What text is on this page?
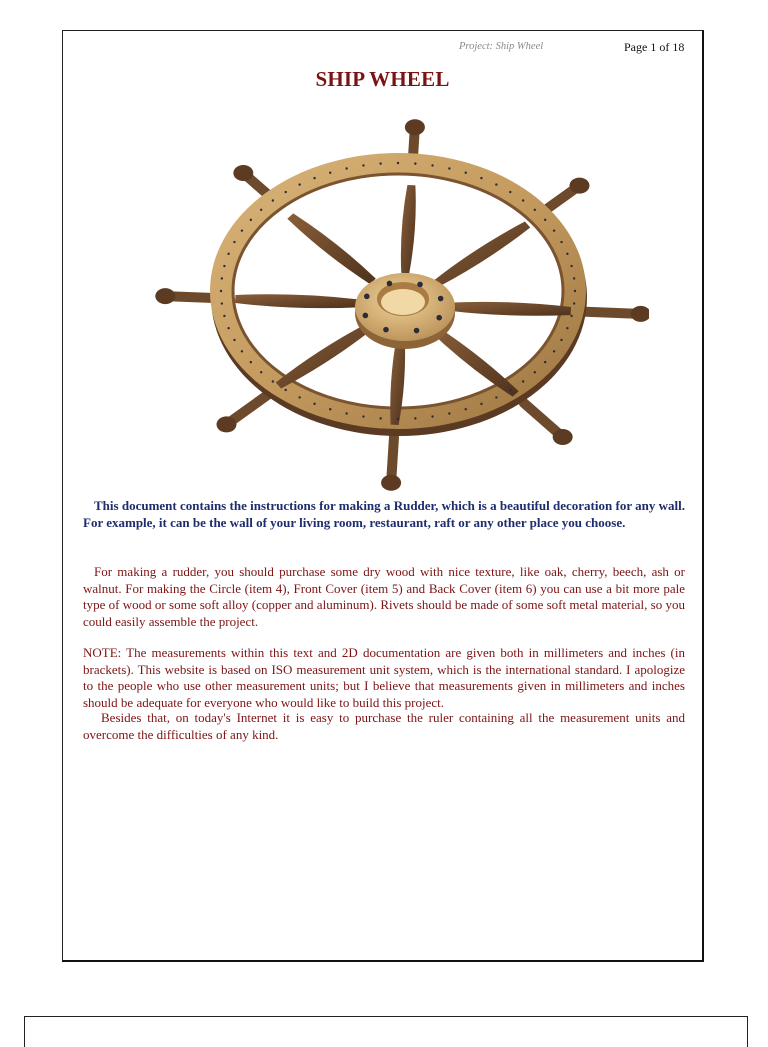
Project: Ship Wheel	Page 1 of 18
SHIP WHEEL

This document contains the instructions for making a Rudder, which is a beautiful decoration for any wall. For example, it can be the wall of your living room, restaurant, raft or any other place you choose.

For making a rudder, you should purchase some dry wood with nice texture, like oak, cherry, beech, ash or walnut. For making the Circle (item 4), Front Cover (item 5) and Back Cover (item 6) you can use a bit more pale type of wood or some soft alloy (copper and aluminum). Rivets should be made of some soft metal material, so you could easily assemble the project.

NOTE: The measurements within this text and 2D documentation are given both in millimeters and inches (in brackets). This website is based on ISO measurement unit system, which is the international standard. I apologize to the people who use other measurement units; but I believe that measurements given in millimeters and inches should be adequate for everyone who would like to build this project.

Besides that, on today's Internet it is easy to purchase the ruler containing all the measurement units and overcome the difficulties of any kind.
